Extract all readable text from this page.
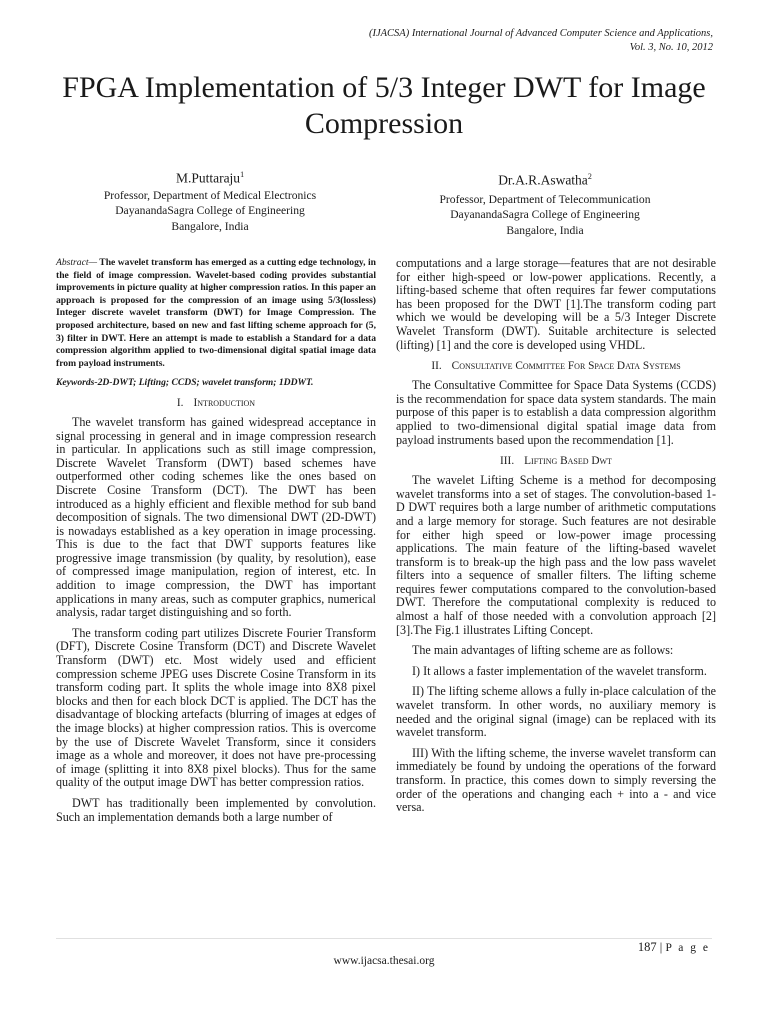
(IJACSA) International Journal of Advanced Computer Science and Applications,
Vol. 3, No. 10, 2012
FPGA Implementation of 5/3 Integer DWT for Image Compression
M.Puttaraju$^1$
Professor, Department of Medical Electronics
DayanandaSagra College of Engineering
Bangalore, India
Dr.A.R.Aswatha$^2$
Professor, Department of Telecommunication
DayanandaSagra College of Engineering
Bangalore, India

Abstract— The wavelet transform has emerged as a cutting edge technology, in the field of image compression. Wavelet-based coding provides substantial improvements in picture quality at higher compression ratios. In this paper an approach is proposed for the compression of an image using 5/3(lossless) Integer discrete wavelet transform (DWT) for Image Compression. The proposed architecture, based on new and fast lifting scheme approach for (5, 3) filter in DWT. Here an attempt is made to establish a Standard for a data compression algorithm applied to two-dimensional digital spatial image data from payload instruments.

Keywords-2D-DWT; Lifting; CCDS; wavelet transform; 1DDWT.

I. Introduction

The wavelet transform has gained widespread acceptance in signal processing in general and in image compression research in particular. In applications such as still image compression, Discrete Wavelet Transform (DWT) based schemes have outperformed other coding schemes like the ones based on Discrete Cosine Transform (DCT). The DWT has been introduced as a highly efficient and flexible method for sub band decomposition of signals. The two dimensional DWT (2D-DWT) is nowadays established as a key operation in image processing. This is due to the fact that DWT supports features like progressive image transmission (by quality, by resolution), ease of compressed image manipulation, region of interest, etc. In addition to image compression, the DWT has important applications in many areas, such as computer graphics, numerical analysis, radar target distinguishing and so forth.

The transform coding part utilizes Discrete Fourier Transform (DFT), Discrete Cosine Transform (DCT) and Discrete Wavelet Transform (DWT) etc. Most widely used and efficient compression scheme JPEG uses Discrete Cosine Transform in its transform coding part. It splits the whole image into 8X8 pixel blocks and then for each block DCT is applied. The DCT has the disadvantage of blocking artefacts (blurring of images at edges of the image blocks) at higher compression ratios. This is overcome by the use of Discrete Wavelet Transform, since it considers image as a whole and moreover, it does not have pre-processing of image (splitting it into 8X8 pixel blocks). Thus for the same quality of the output image DWT has better compression ratios.

DWT has traditionally been implemented by convolution. Such an implementation demands both a large number of

computations and a large storage—features that are not desirable for either high-speed or low-power applications. Recently, a lifting-based scheme that often requires far fewer computations has been proposed for the DWT [1].The transform coding part which we would be developing will be a 5/3 Integer Discrete Wavelet Transform (DWT). Suitable architecture is selected (lifting) [1] and the core is developed using VHDL.

II. Consultative Committee For Space Data Systems

The Consultative Committee for Space Data Systems (CCDS) is the recommendation for space data system standards. The main purpose of this paper is to establish a data compression algorithm applied to two-dimensional digital spatial image data from payload instruments based upon the recommendation [1].

III. Lifting Based Dwt

The wavelet Lifting Scheme is a method for decomposing wavelet transforms into a set of stages. The convolution-based 1-D DWT requires both a large number of arithmetic computations and a large memory for storage. Such features are not desirable for either high speed or low-power image processing applications. The main feature of the lifting-based wavelet transform is to break-up the high pass and the low pass wavelet filters into a sequence of smaller filters. The lifting scheme requires fewer computations compared to the convolution-based DWT. Therefore the computational complexity is reduced to almost a half of those needed with a convolution approach [2][3].The Fig.1 illustrates Lifting Concept.

The main advantages of lifting scheme are as follows:

I) It allows a faster implementation of the wavelet transform.

II) The lifting scheme allows a fully in-place calculation of the wavelet transform. In other words, no auxiliary memory is needed and the original signal (image) can be replaced with its wavelet transform.

III) With the lifting scheme, the inverse wavelet transform can immediately be found by undoing the operations of the forward transform. In practice, this comes down to simply reversing the order of the operations and changing each + into a - and vice versa.

187 | P a g e
www.ijacsa.thesai.org
